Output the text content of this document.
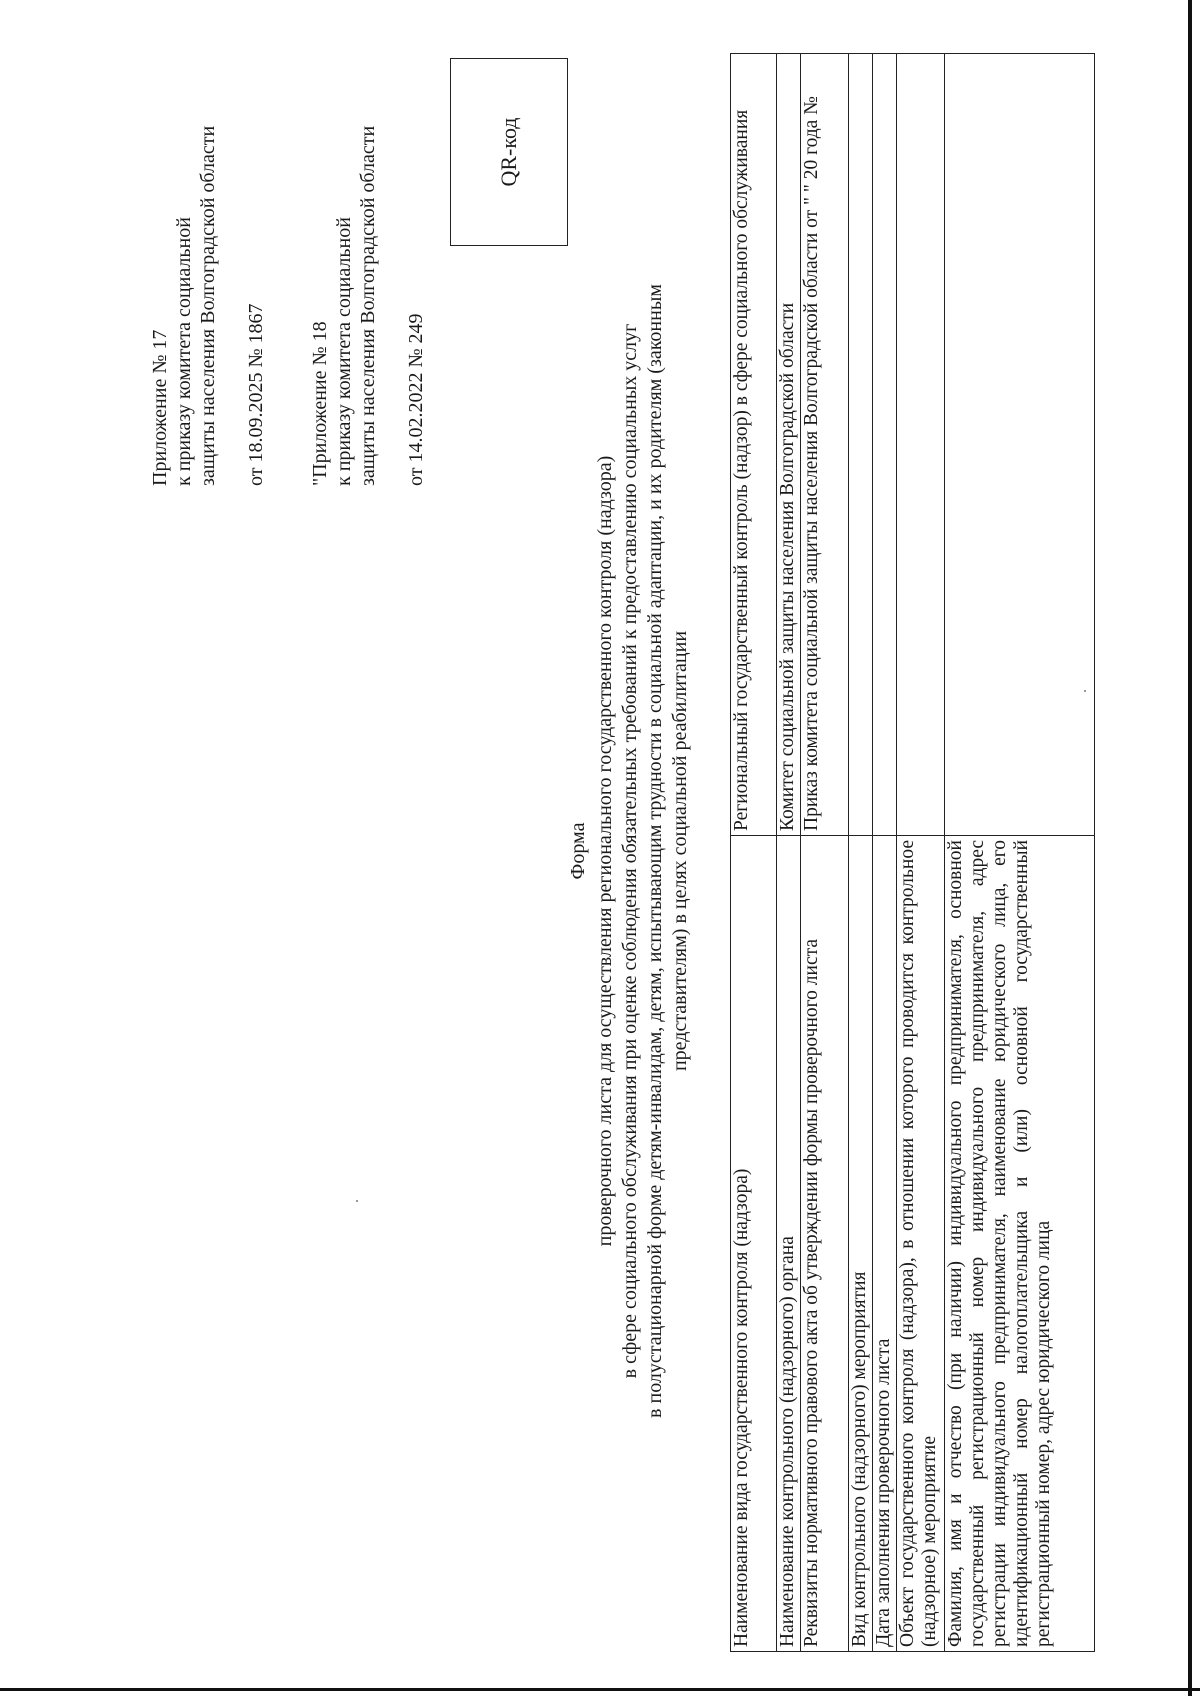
Приложение № 17 к приказу комитета социальной защиты населения Волгоградской области от 18.09.2025 № 1867 "Приложение № 18 к приказу комитета социальной защиты населения Волгоградской области от 14.02.2022 № 249
QR-код
Форма проверочного листа для осуществления регионального государственного контроля (надзора) в сфере социального обслуживания при оценке соблюдения обязательных требований к предоставлению социальных услуг в полустационарной форме детям-инвалидам, детям, испытывающим трудности в социальной адаптации, и их родителям (законным представителям) в целях социальной реабилитации
Наименование вида государственного контроля (надзора)	Региональный государственный контроль (надзор) в сфере социального обслуживания
Наименование контрольного (надзорного) органа	Комитет социальной защиты населения Волгоградской области
Реквизиты нормативного правового акта об утверждении формы проверочного листа	Приказ комитета социальной защиты населения Волгоградской области от " " 20 года №
Вид контрольного (надзорного) мероприятия	
Дата заполнения проверочного листа	
Объект государственного контроля (надзора), в отношении которого проводится контрольное (надзорное) мероприятие	
Фамилия, имя и отчество (при наличии) индивидуального предпринимателя, основной государственный регистрационный номер индивидуального предпринимателя, адрес регистрации индивидуального предпринимателя, наименование юридического лица, его идентификационный номер налогоплательщика и (или) основной государственный регистрационный номер, адрес юридического лица	
